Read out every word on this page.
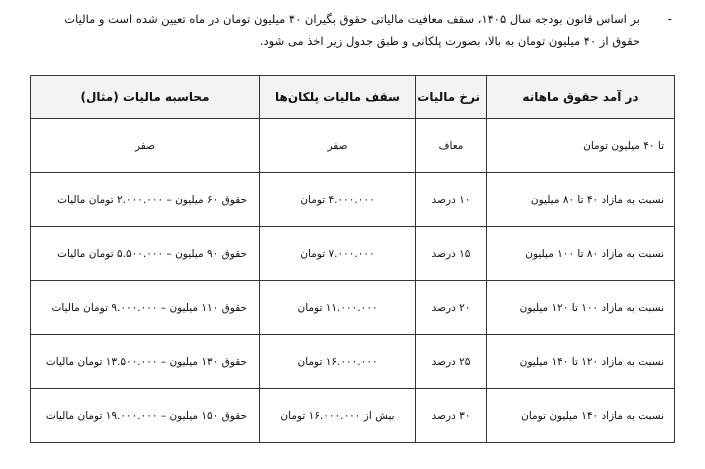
-
بر اساس قانون بودجه سال ۱۴۰۵، سقف معافیت مالیاتی حقوق بگیران ۴۰ میلیون تومان در ماه تعیین شده است و مالیات حقوق از ۴۰ میلیون تومان به بالا، بصورت پلکانی و طبق جدول زیر اخذ می شود.
در آمد حقوق ماهانه	نرخ مالیات	سقف مالیات پلکان‌ها	محاسبه مالیات (مثال)
تا ۴۰ میلیون تومان	معاف	صفر	صفر
نسبت به مازاد ۴۰ تا ۸۰ میلیون	۱۰ درصد	۴.۰۰۰.۰۰۰ تومان	حقوق ۶۰ میلیون – ۲.۰۰۰.۰۰۰ تومان مالیات
نسبت به مازاد ۸۰ تا ۱۰۰ میلیون	۱۵ درصد	۷.۰۰۰.۰۰۰ تومان	حقوق ۹۰ میلیون – ۵.۵۰۰.۰۰۰ تومان مالیات
نسبت به مازاد ۱۰۰ تا ۱۲۰ میلیون	۲۰ درصد	۱۱.۰۰۰.۰۰۰ تومان	حقوق ۱۱۰ میلیون – ۹.۰۰۰.۰۰۰ تومان مالیات
نسبت به مازاد ۱۲۰ تا ۱۴۰ میلیون	۲۵ درصد	۱۶.۰۰۰.۰۰۰ تومان	حقوق ۱۳۰ میلیون – ۱۳.۵۰۰.۰۰۰ تومان مالیات
نسبت به مازاد ۱۴۰ میلیون تومان	۳۰ درصد	بیش از ۱۶.۰۰۰.۰۰۰ تومان	حقوق ۱۵۰ میلیون – ۱۹.۰۰۰.۰۰۰ تومان مالیات
